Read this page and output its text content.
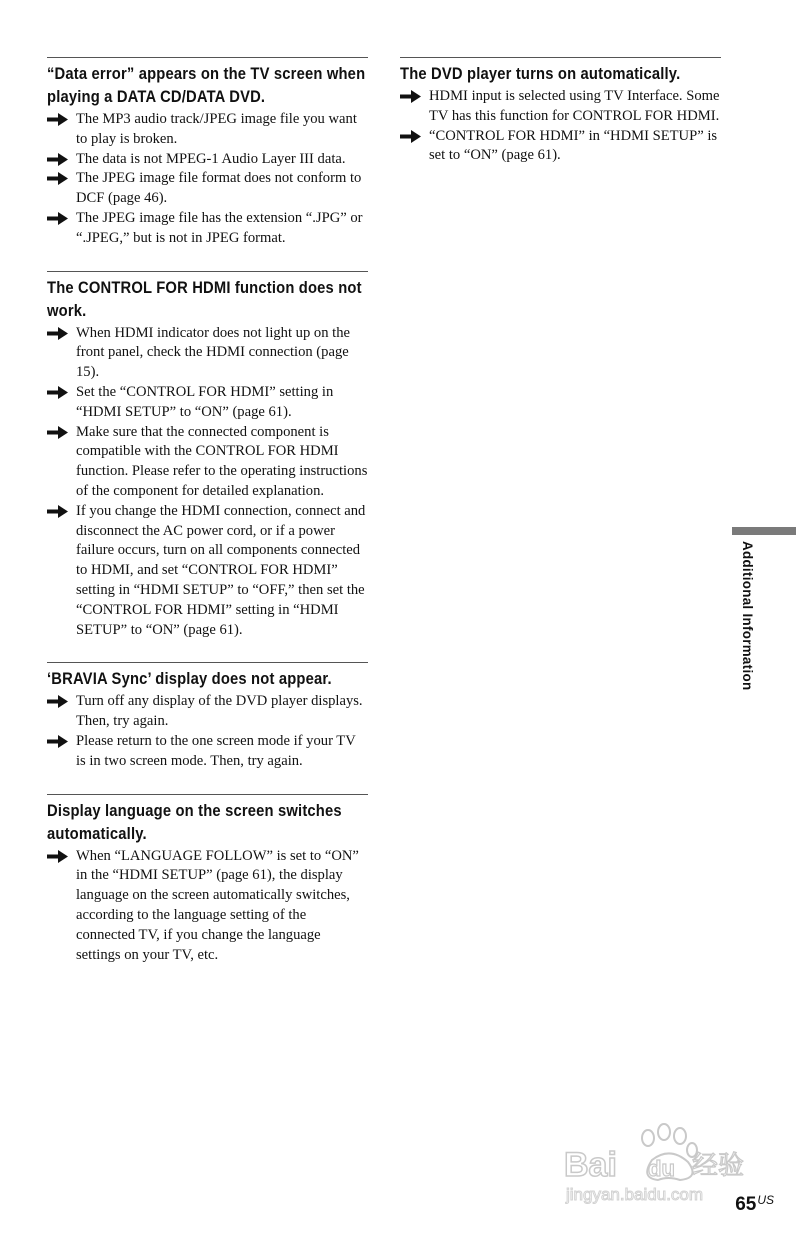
“Data error” appears on the TV screen when playing a DATA CD/DATA DVD.
The MP3 audio track/JPEG image file you want to play is broken.
The data is not MPEG-1 Audio Layer III data.
The JPEG image file format does not conform to DCF (page 46).
The JPEG image file has the extension “.JPG” or “.JPEG,” but is not in JPEG format.
The CONTROL FOR HDMI function does not work.
When HDMI indicator does not light up on the front panel, check the HDMI connection (page 15).
Set the “CONTROL FOR HDMI” setting in “HDMI SETUP” to “ON” (page 61).
Make sure that the connected component is compatible with the CONTROL FOR HDMI function. Please refer to the operating instructions of the component for detailed explanation.
If you change the HDMI connection, connect and disconnect the AC power cord, or if a power failure occurs, turn on all components connected to HDMI, and set “CONTROL FOR HDMI” setting in “HDMI SETUP” to “OFF,” then set the “CONTROL FOR HDMI” setting in “HDMI SETUP” to “ON” (page 61).
‘BRAVIA Sync’ display does not appear.
Turn off any display of the DVD player displays. Then, try again.
Please return to the one screen mode if your TV is in two screen mode. Then, try again.
Display language on the screen switches automatically.
When “LANGUAGE FOLLOW” is set to “ON” in the “HDMI SETUP” (page 61), the display language on the screen automatically switches, according to the language setting of the connected TV, if you change the language settings on your TV, etc.
The DVD player turns on automatically.
HDMI input is selected using TV Interface. Some TV has this function for CONTROL FOR HDMI.
“CONTROL FOR HDMI” in “HDMI SETUP” is set to “ON” (page 61).
Additional Information
Bai du 经验
jingyan.baidu.com $65^{US}$
